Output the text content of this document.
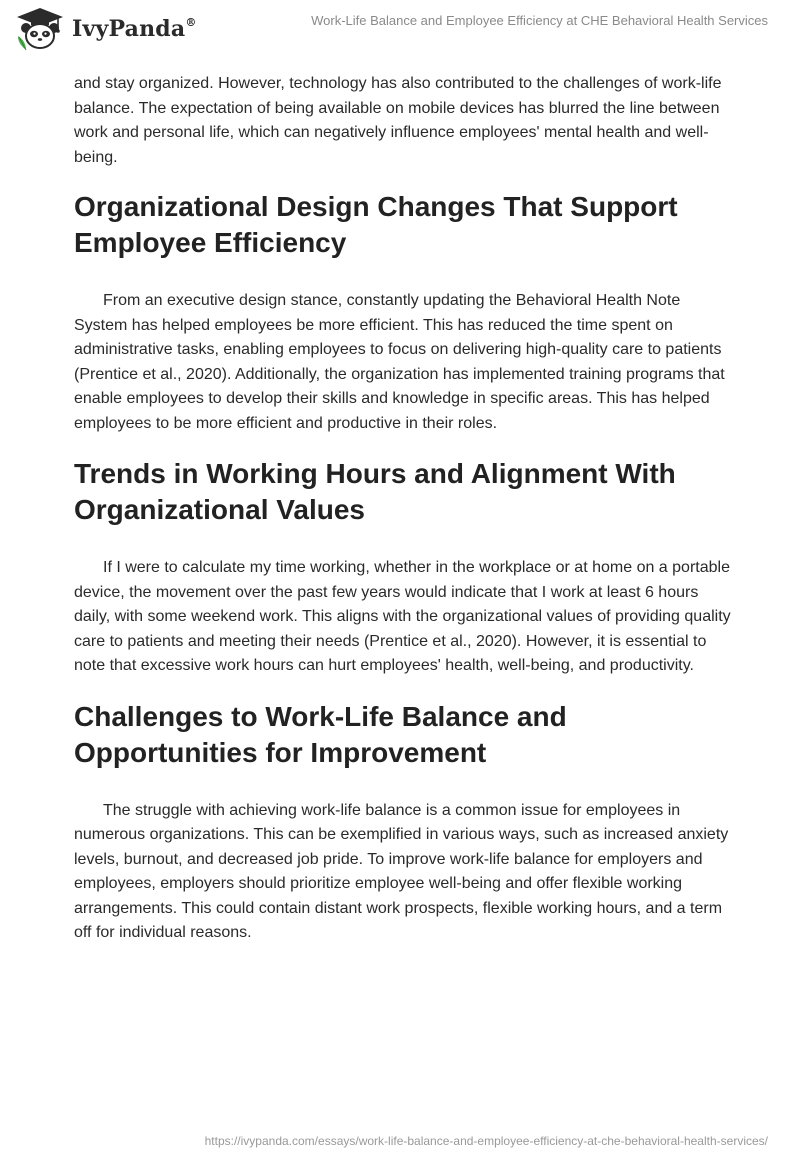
IvyPanda®	Work-Life Balance and Employee Efficiency at CHE Behavioral Health Services

and stay organized. However, technology has also contributed to the challenges of work-life balance. The expectation of being available on mobile devices has blurred the line between work and personal life, which can negatively influence employees' mental health and well-being.

Organizational Design Changes That Support Employee Efficiency

From an executive design stance, constantly updating the Behavioral Health Note System has helped employees be more efficient. This has reduced the time spent on administrative tasks, enabling employees to focus on delivering high-quality care to patients (Prentice et al., 2020). Additionally, the organization has implemented training programs that enable employees to develop their skills and knowledge in specific areas. This has helped employees to be more efficient and productive in their roles.

Trends in Working Hours and Alignment With Organizational Values

If I were to calculate my time working, whether in the workplace or at home on a portable device, the movement over the past few years would indicate that I work at least 6 hours daily, with some weekend work. This aligns with the organizational values of providing quality care to patients and meeting their needs (Prentice et al., 2020). However, it is essential to note that excessive work hours can hurt employees' health, well-being, and productivity.

Challenges to Work-Life Balance and Opportunities for Improvement

The struggle with achieving work-life balance is a common issue for employees in numerous organizations. This can be exemplified in various ways, such as increased anxiety levels, burnout, and decreased job pride. To improve work-life balance for employers and employees, employers should prioritize employee well-being and offer flexible working arrangements. This could contain distant work prospects, flexible working hours, and a term off for individual reasons.

https://ivypanda.com/essays/work-life-balance-and-employee-efficiency-at-che-behavioral-health-services/
